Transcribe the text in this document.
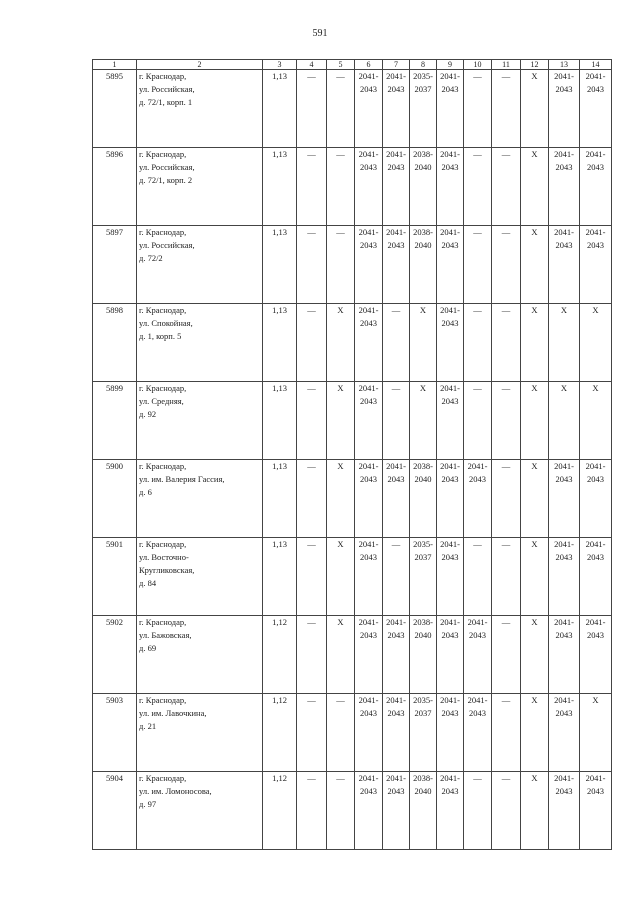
591
1	2	3	4	5	6	7	8	9	10	11	12	13	14
5895	г. Краснодар,
ул. Российская,
д. 72/1, корп. 1	1,13	—	—	2041-
2043	2041-
2043	2035-
2037	2041-
2043	—	—	X	2041-
2043	2041-
2043
5896	г. Краснодар,
ул. Российская,
д. 72/1, корп. 2	1,13	—	—	2041-
2043	2041-
2043	2038-
2040	2041-
2043	—	—	X	2041-
2043	2041-
2043
5897	г. Краснодар,
ул. Российская,
д. 72/2	1,13	—	—	2041-
2043	2041-
2043	2038-
2040	2041-
2043	—	—	X	2041-
2043	2041-
2043
5898	г. Краснодар,
ул. Спокойная,
д. 1, корп. 5	1,13	—	X	2041-
2043	—	X	2041-
2043	—	—	X	X	X
5899	г. Краснодар,
ул. Средняя,
д. 92	1,13	—	X	2041-
2043	—	X	2041-
2043	—	—	X	X	X
5900	г. Краснодар,
ул. им. Валерия Гассия,
д. 6	1,13	—	X	2041-
2043	2041-
2043	2038-
2040	2041-
2043	2041-
2043	—	X	2041-
2043	2041-
2043
5901	г. Краснодар,
ул. Восточно-
Кругликовская,
д. 84	1,13	—	X	2041-
2043	—	2035-
2037	2041-
2043	—	—	X	2041-
2043	2041-
2043
5902	г. Краснодар,
ул. Бажовская,
д. 69	1,12	—	X	2041-
2043	2041-
2043	2038-
2040	2041-
2043	2041-
2043	—	X	2041-
2043	2041-
2043
5903	г. Краснодар,
ул. им. Лавочкина,
д. 21	1,12	—	—	2041-
2043	2041-
2043	2035-
2037	2041-
2043	2041-
2043	—	X	2041-
2043	X
5904	г. Краснодар,
ул. им. Ломоносова,
д. 97	1,12	—	—	2041-
2043	2041-
2043	2038-
2040	2041-
2043	—	—	X	2041-
2043	2041-
2043
